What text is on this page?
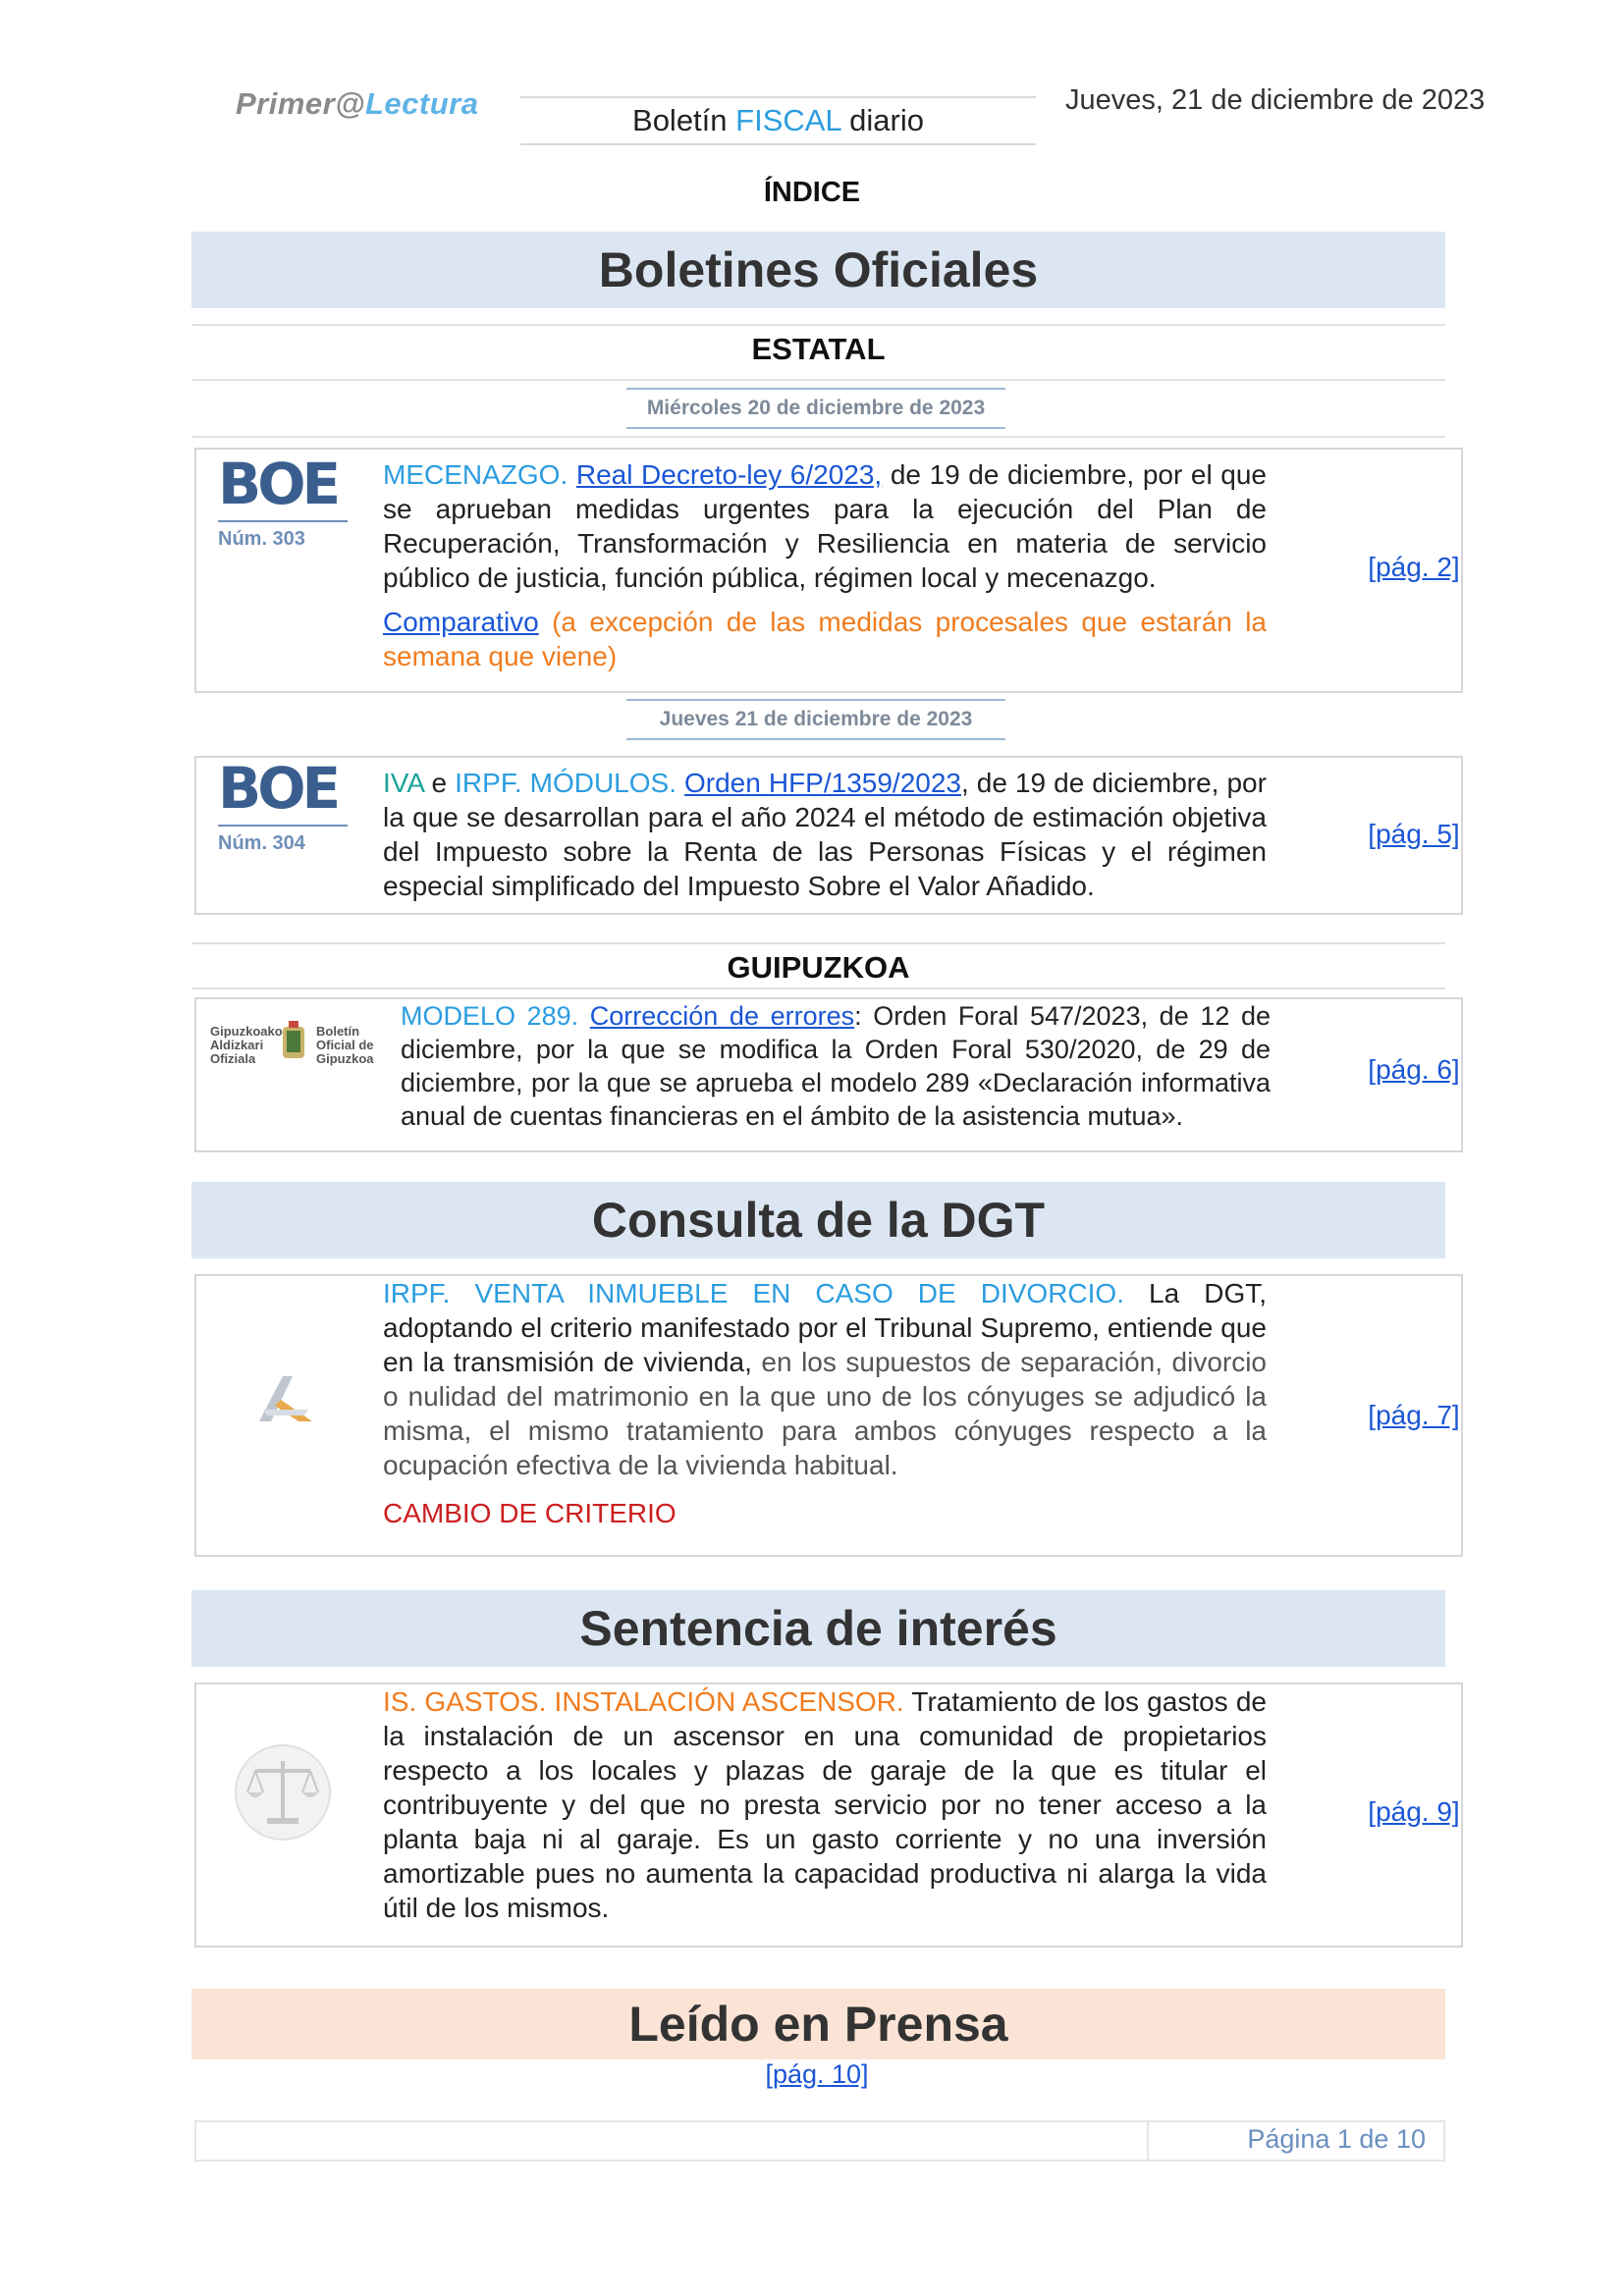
Primer@Lectura	Boletín FISCAL diario
Jueves, 21 de diciembre de 2023
ÍNDICE
Boletines Oficiales
ESTATAL
Miércoles 20 de diciembre de 2023
BOE
Núm. 303
MECENAZGO. Real Decreto-ley 6/2023, de 19 de diciembre, por el que se aprueban medidas urgentes para la ejecución del Plan de Recuperación, Transformación y Resiliencia en materia de servicio público de justicia, función pública, régimen local y mecenazgo.
Comparativo (a excepción de las medidas procesales que estarán la semana que viene)
[pág. 2]
Jueves 21 de diciembre de 2023
BOE
Núm. 304
IVA e IRPF. MÓDULOS. Orden HFP/1359/2023, de 19 de diciembre, por la que se desarrollan para el año 2024 el método de estimación objetiva del Impuesto sobre la Renta de las Personas Físicas y el régimen especial simplificado del Impuesto Sobre el Valor Añadido.
[pág. 5]
GUIPUZKOA
Gipuzkoako Aldizkari Ofiziala
Boletín Oficial de Gipuzkoa
MODELO 289. Corrección de errores: Orden Foral 547/2023, de 12 de diciembre, por la que se modifica la Orden Foral 530/2020, de 29 de diciembre, por la que se aprueba el modelo 289 «Declaración informativa anual de cuentas financieras en el ámbito de la asistencia mutua».
[pág. 6]
Consulta de la DGT
IRPF. VENTA INMUEBLE EN CASO DE DIVORCIO. La DGT, adoptando el criterio manifestado por el Tribunal Supremo, entiende que en la transmisión de vivienda, en los supuestos de separación, divorcio o nulidad del matrimonio en la que uno de los cónyuges se adjudicó la misma, el mismo tratamiento para ambos cónyuges respecto a la ocupación efectiva de la vivienda habitual.
CAMBIO DE CRITERIO
[pág. 7]
Sentencia de interés
IS. GASTOS. INSTALACIÓN ASCENSOR. Tratamiento de los gastos de la instalación de un ascensor en una comunidad de propietarios respecto a los locales y plazas de garaje de la que es titular el contribuyente y del que no presta servicio por no tener acceso a la planta baja ni al garaje. Es un gasto corriente y no una inversión amortizable pues no aumenta la capacidad productiva ni alarga la vida útil de los mismos.
[pág. 9]
Leído en Prensa
[pág. 10]
Página 1 de 10
